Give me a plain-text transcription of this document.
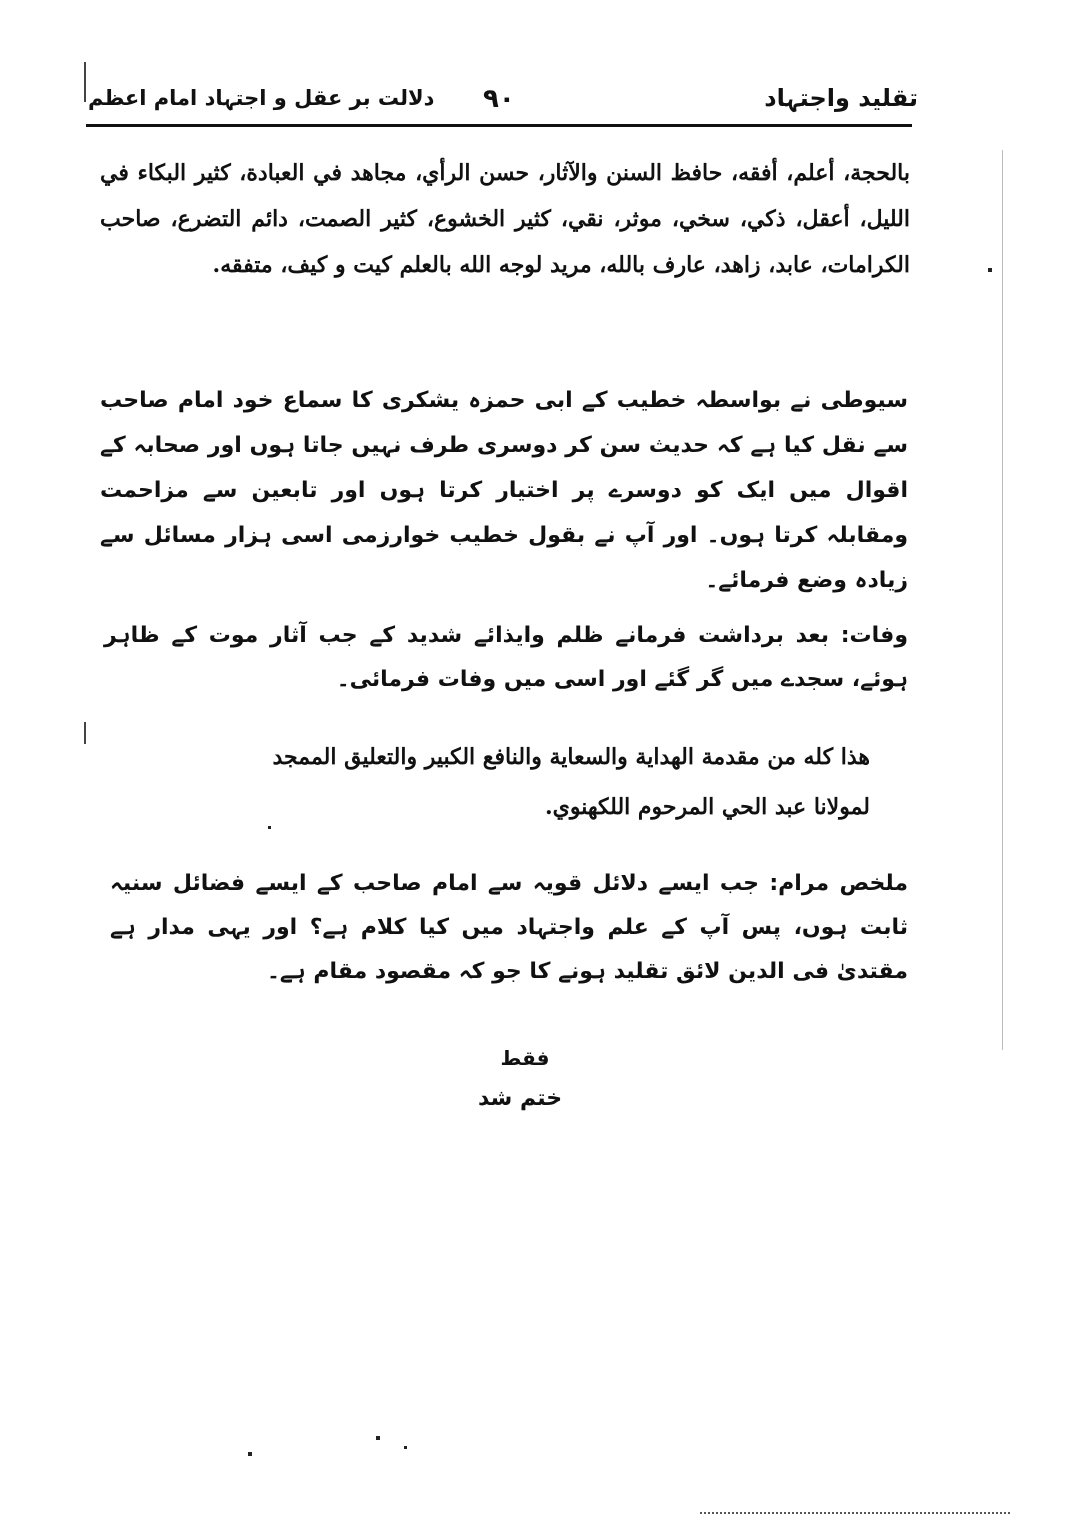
تقلید واجتہاد
۹۰
دلالت بر عقل و اجتہاد امام اعظم
بالحجة، أعلم، أفقه، حافظ السنن والآثار، حسن الرأي، مجاهد في العبادة، كثير البكاء في الليل، أعقل، ذكي، سخي، موثر، نقي، كثير الخشوع، كثير الصمت، دائم التضرع، صاحب الكرامات، عابد، زاهد، عارف بالله، مريد لوجه الله بالعلم كيت و كيف، متفقه.
سیوطی نے بواسطہ خطیب کے ابی حمزہ یشکری کا سماع خود امام صاحب سے نقل کیا ہے کہ حدیث سن کر دوسری طرف نہیں جاتا ہوں اور صحابہ کے اقوال میں ایک کو دوسرے پر اختیار کرتا ہوں اور تابعین سے مزاحمت ومقابلہ کرتا ہوں۔ اور آپ نے بقول خطیب خوارزمی اسی ہزار مسائل سے زیادہ وضع فرمائے۔
وفات: بعد برداشت فرمانے ظلم وایذائے شدید کے جب آثار موت کے ظاہر ہوئے، سجدے میں گر گئے اور اسی میں وفات فرمائی۔
هذا كله من مقدمة الهداية والسعاية والنافع الكبير والتعليق الممجد
لمولانا عبد الحي المرحوم اللكهنوي.
ملخص مرام: جب ایسے دلائل قویہ سے امام صاحب کے ایسے فضائل سنیہ ثابت ہوں، پس آپ کے علم واجتہاد میں کیا کلام ہے؟ اور یہی مدار ہے مقتدیٰ فی الدین لائق تقلید ہونے کا جو کہ مقصود مقام ہے۔
فقط
ختم شد
